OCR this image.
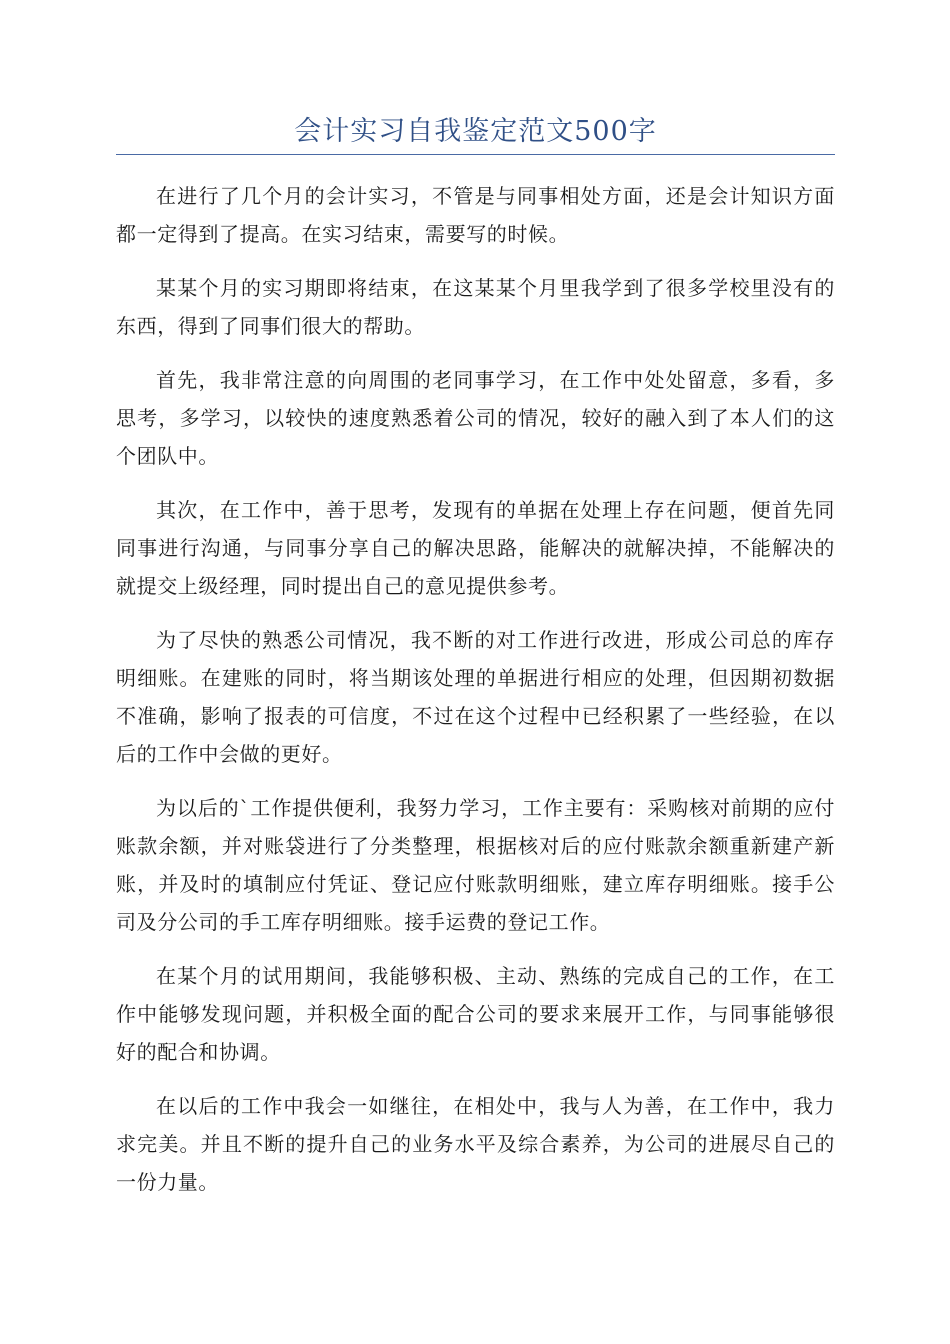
会计实习自我鉴定范文500字

在进行了几个月的会计实习，不管是与同事相处方面，还是会计知识方面都一定得到了提高。在实习结束，需要写的时候。

某某个月的实习期即将结束，在这某某个月里我学到了很多学校里没有的东西，得到了同事们很大的帮助。

首先，我非常注意的向周围的老同事学习，在工作中处处留意，多看，多思考，多学习，以较快的速度熟悉着公司的情况，较好的融入到了本人们的这个团队中。

其次，在工作中，善于思考，发现有的单据在处理上存在问题，便首先同同事进行沟通，与同事分享自己的解决思路，能解决的就解决掉，不能解决的就提交上级经理，同时提出自己的意见提供参考。

为了尽快的熟悉公司情况，我不断的对工作进行改进，形成公司总的库存明细账。在建账的同时，将当期该处理的单据进行相应的处理，但因期初数据不准确，影响了报表的可信度，不过在这个过程中已经积累了一些经验，在以后的工作中会做的更好。

为以后的`工作提供便利，我努力学习，工作主要有：采购核对前期的应付账款余额，并对账袋进行了分类整理，根据核对后的应付账款余额重新建产新账，并及时的填制应付凭证、登记应付账款明细账，建立库存明细账。接手公司及分公司的手工库存明细账。接手运费的登记工作。

在某个月的试用期间，我能够积极、主动、熟练的完成自己的工作，在工作中能够发现问题，并积极全面的配合公司的要求来展开工作，与同事能够很好的配合和协调。

在以后的工作中我会一如继往，在相处中，我与人为善，在工作中，我力求完美。并且不断的提升自己的业务水平及综合素养，为公司的进展尽自己的一份力量。
